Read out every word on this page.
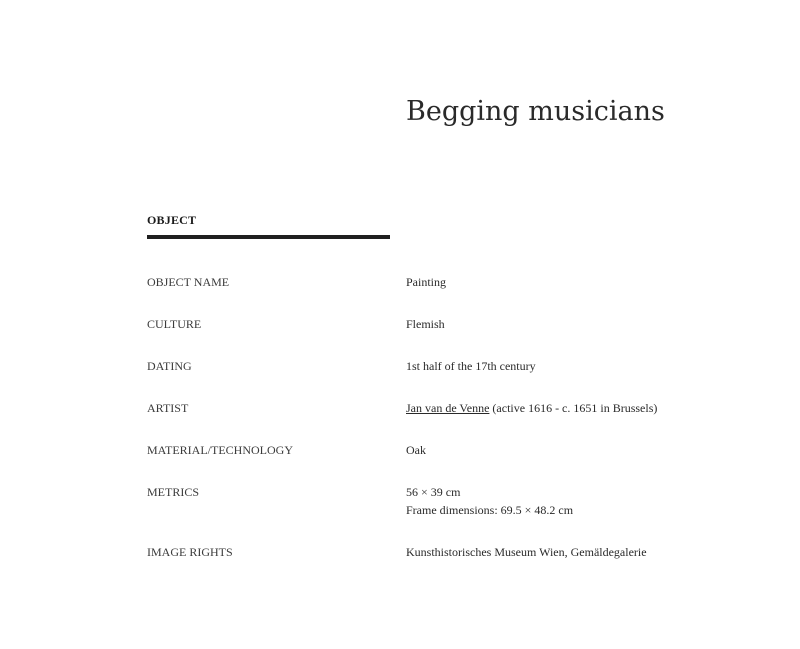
Begging musicians
OBJECT
OBJECT NAME	Painting
CULTURE	Flemish
DATING	1st half of the 17th century
ARTIST	Jan van de Venne (active 1616 - c. 1651 in Brussels)
MATERIAL/TECHNOLOGY	Oak
METRICS	56 × 39 cm
Frame dimensions: 69.5 × 48.2 cm
IMAGE RIGHTS	Kunsthistorisches Museum Wien, Gemäldegalerie
